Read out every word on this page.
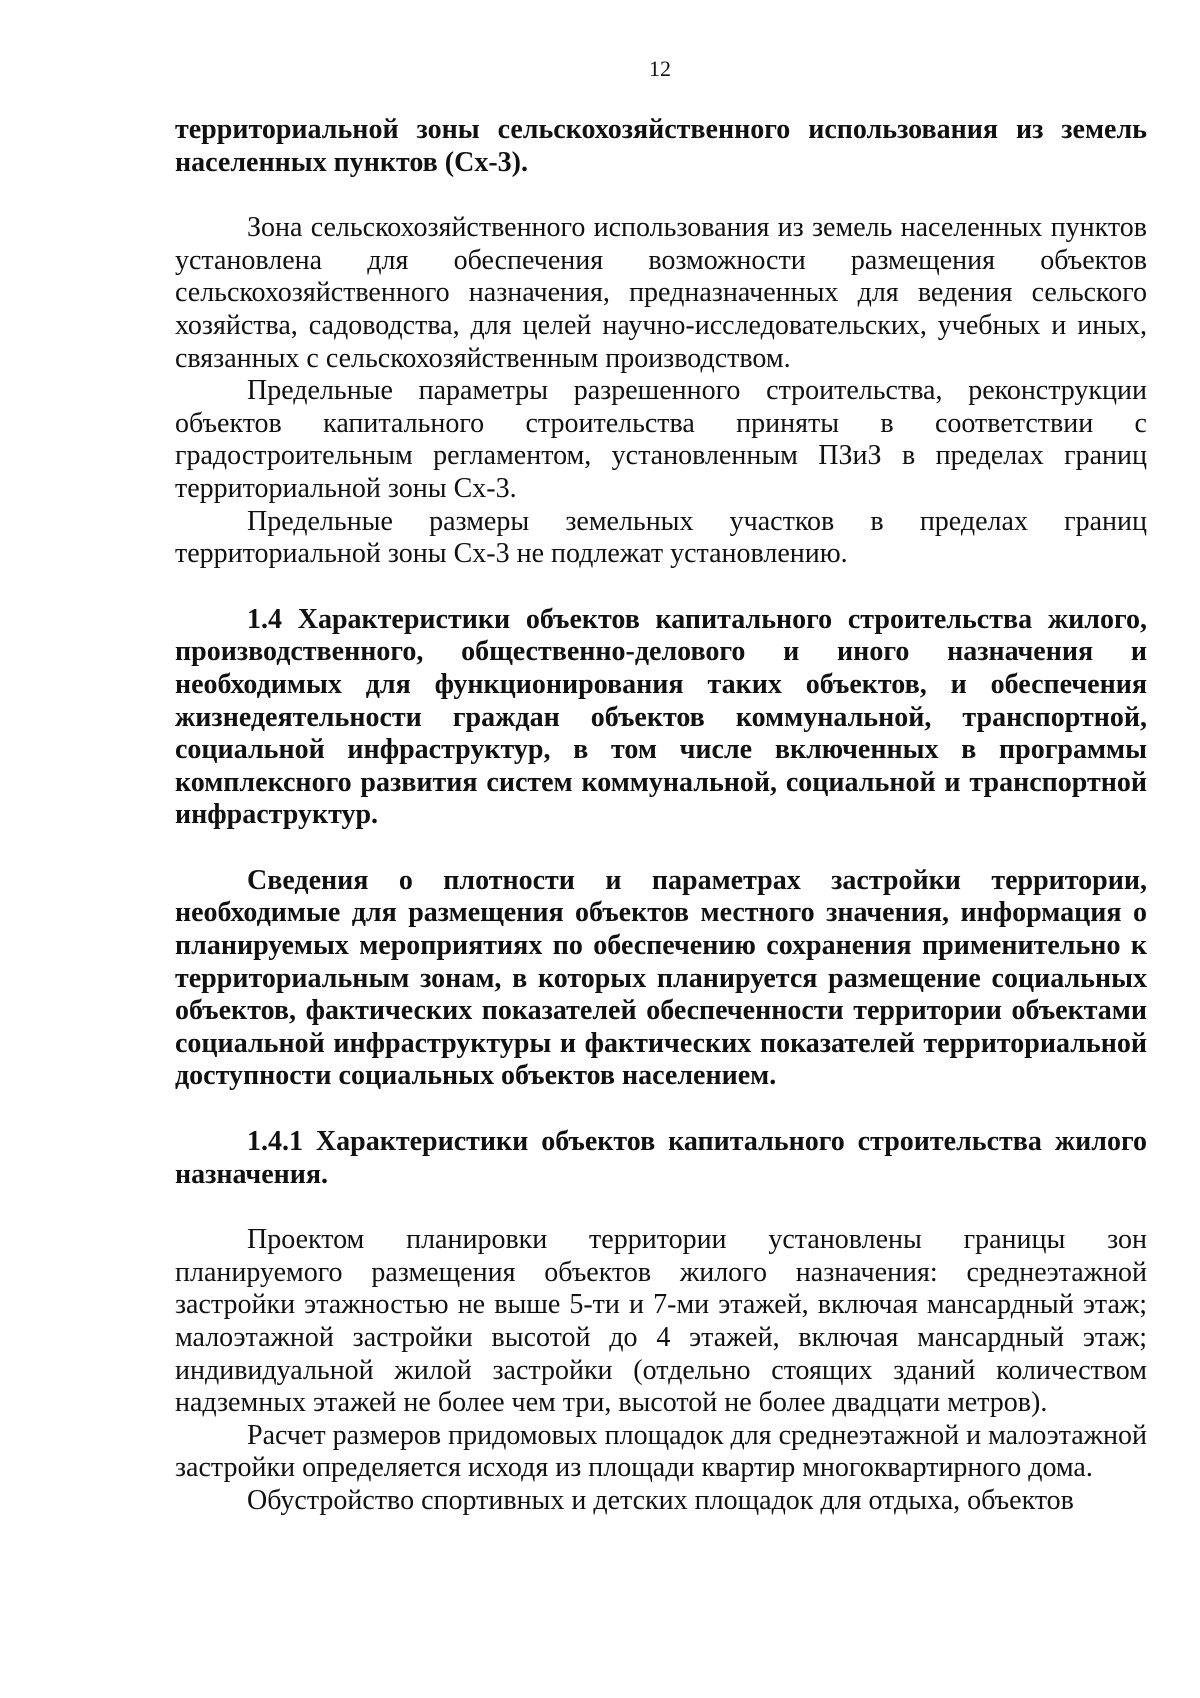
12

территориальной зоны сельскохозяйственного использования из земель населенных пунктов (Сх-3).

Зона сельскохозяйственного использования из земель населенных пунктов установлена для обеспечения возможности размещения объектов сельскохозяйственного назначения, предназначенных для ведения сельского хозяйства, садоводства, для целей научно-исследовательских, учебных и иных, связанных с сельскохозяйственным производством.

Предельные параметры разрешенного строительства, реконструкции объектов капитального строительства приняты в соответствии с градостроительным регламентом, установленным ПЗиЗ в пределах границ территориальной зоны Сх-3.

Предельные размеры земельных участков в пределах границ территориальной зоны Сх-3 не подлежат установлению.

1.4 Характеристики объектов капитального строительства жилого, производственного, общественно-делового и иного назначения и необходимых для функционирования таких объектов, и обеспечения жизнедеятельности граждан объектов коммунальной, транспортной, социальной инфраструктур, в том числе включенных в программы комплексного развития систем коммунальной, социальной и транспортной инфраструктур.

Сведения о плотности и параметрах застройки территории, необходимые для размещения объектов местного значения, информация о планируемых мероприятиях по обеспечению сохранения применительно к территориальным зонам, в которых планируется размещение социальных объектов, фактических показателей обеспеченности территории объектами социальной инфраструктуры и фактических показателей территориальной доступности социальных объектов населением.

1.4.1 Характеристики объектов капитального строительства жилого назначения.

Проектом планировки территории установлены границы зон планируемого размещения объектов жилого назначения: среднеэтажной застройки этажностью не выше 5-ти и 7-ми этажей, включая мансардный этаж; малоэтажной застройки высотой до 4 этажей, включая мансардный этаж; индивидуальной жилой застройки (отдельно стоящих зданий количеством надземных этажей не более чем три, высотой не более двадцати метров).

Расчет размеров придомовых площадок для среднеэтажной и малоэтажной застройки определяется исходя из площади квартир многоквартирного дома.

Обустройство спортивных и детских площадок для отдыха, объектов
